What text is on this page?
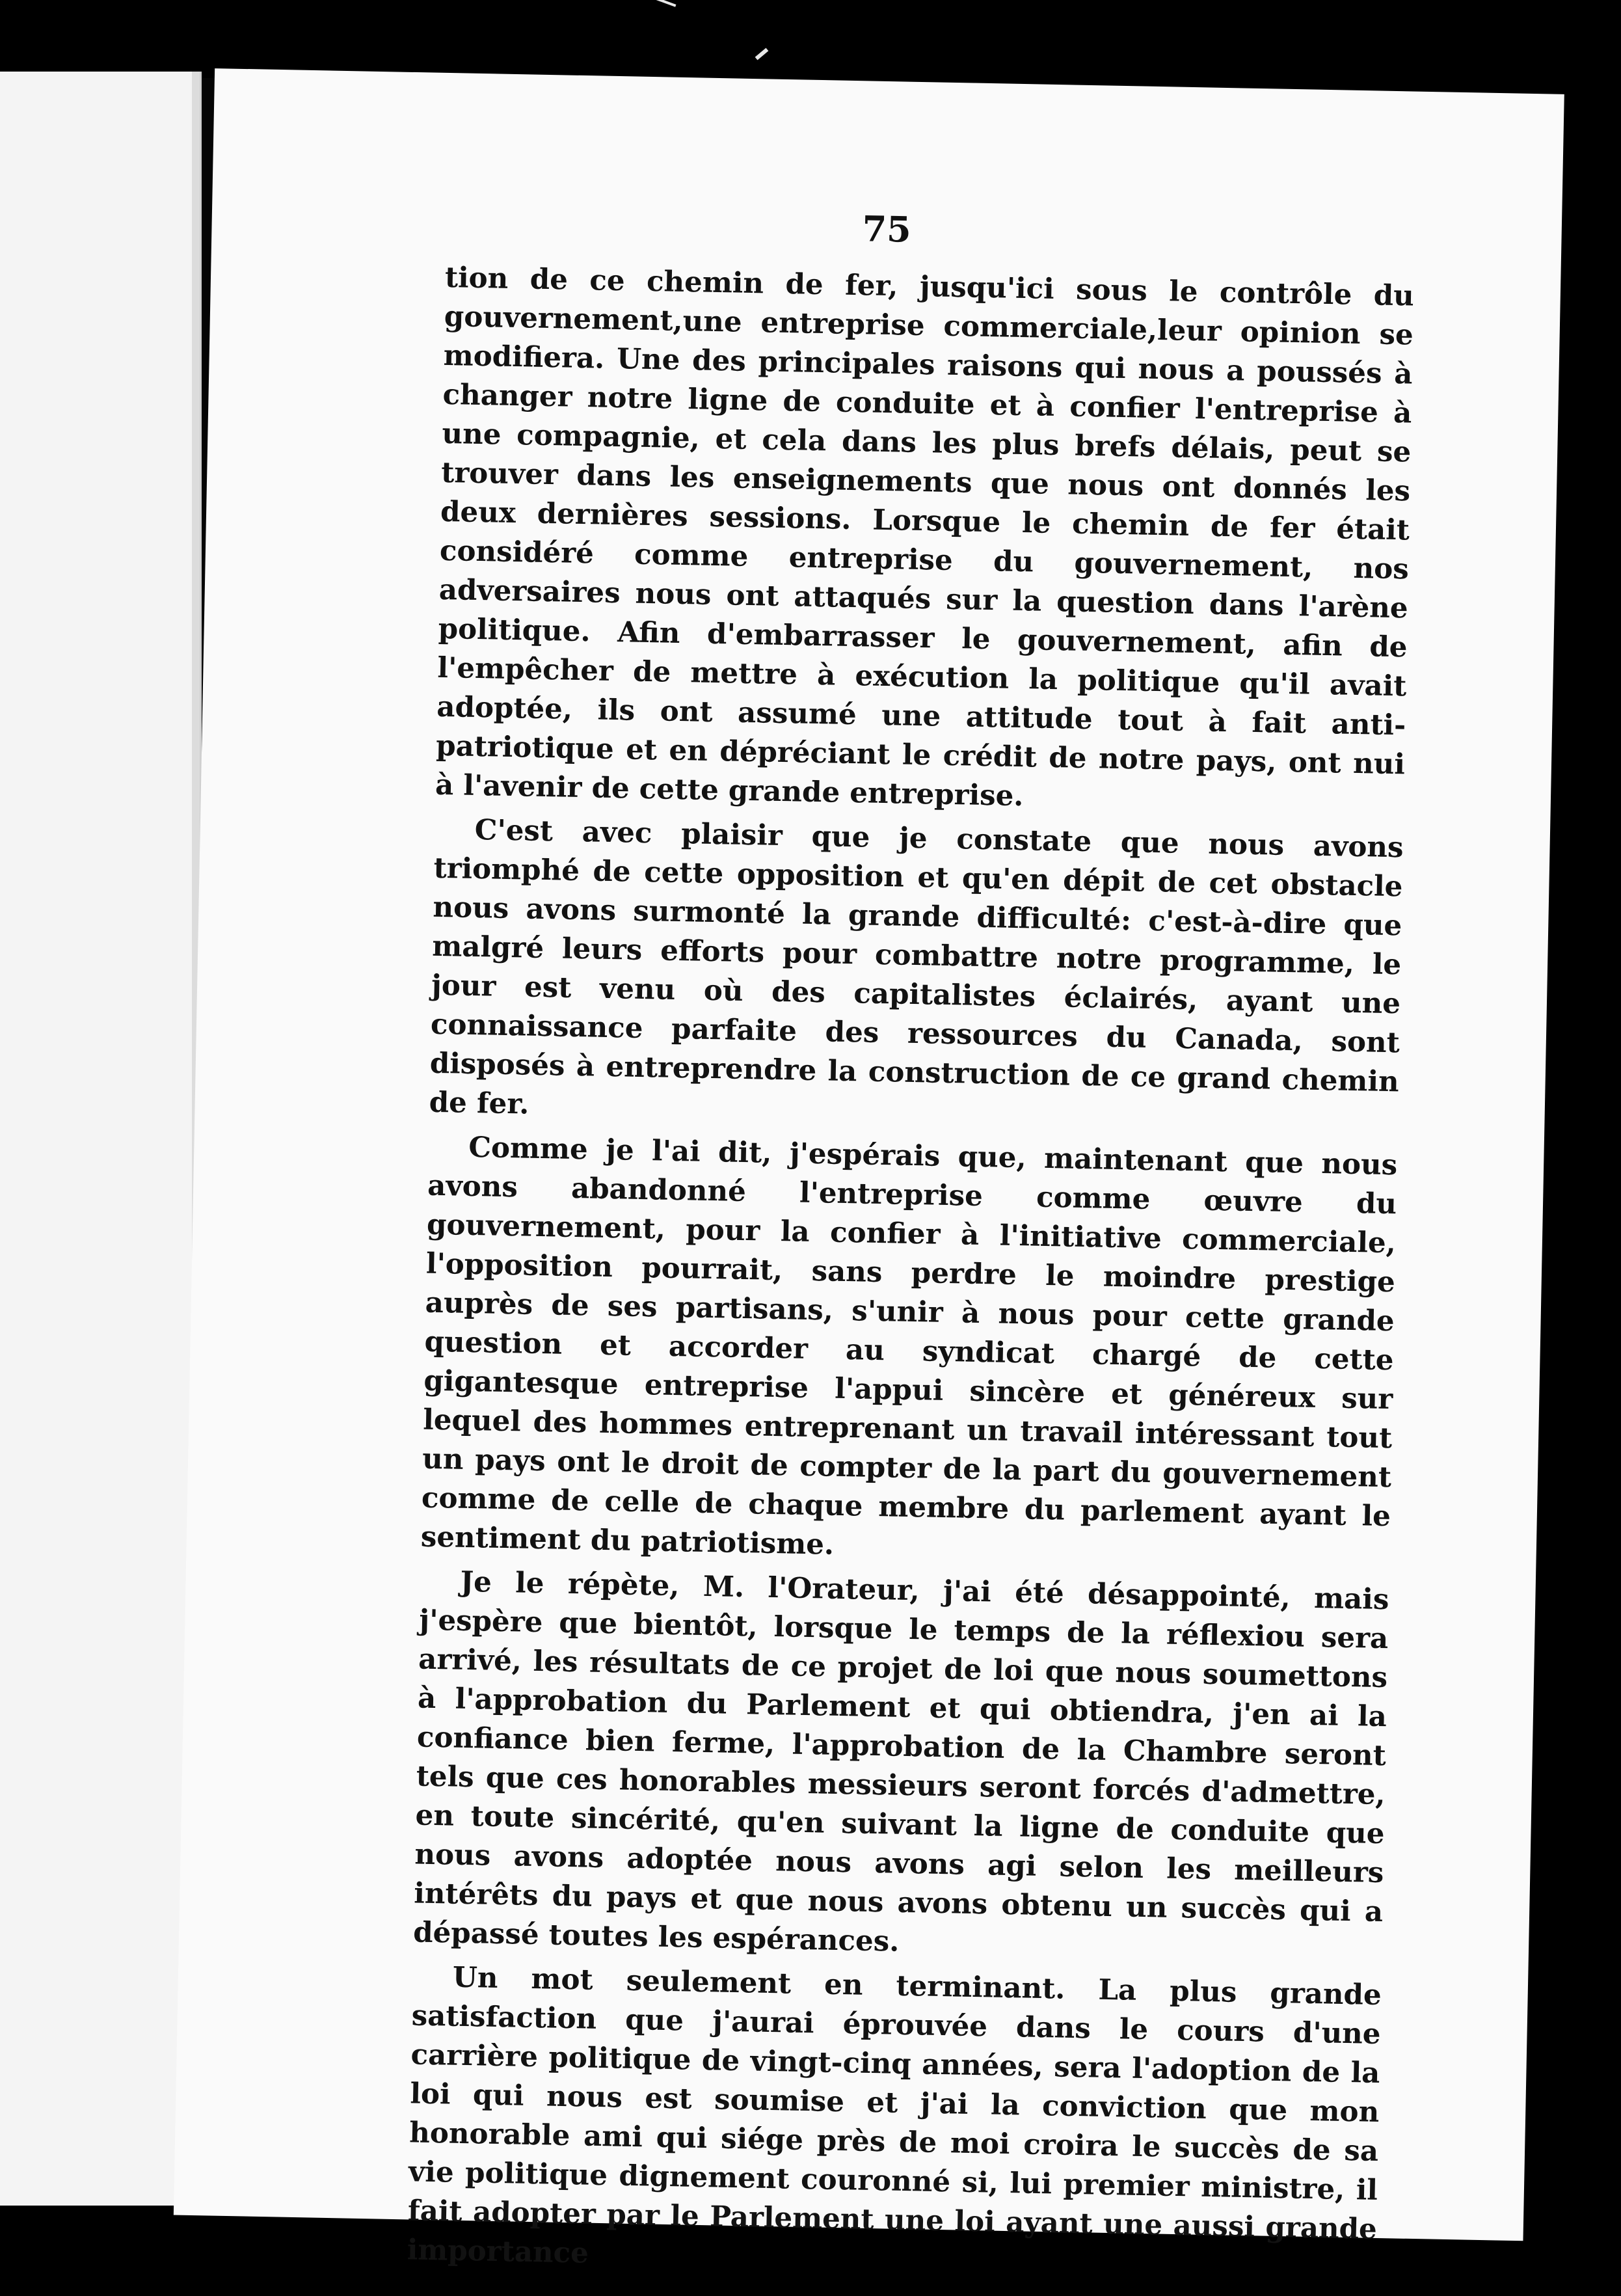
75

tion de ce chemin de fer, jusqu'ici sous le contrôle du gouvernement,une entreprise commerciale,leur opinion se modifiera. Une des principales raisons qui nous a poussés à changer notre ligne de conduite et à confier l'entreprise à une compagnie, et cela dans les plus brefs délais, peut se trouver dans les enseignements que nous ont donnés les deux dernières sessions. Lorsque le chemin de fer était considéré comme entreprise du gouvernement, nos adversaires nous ont attaqués sur la question dans l'arène politique. Afin d'embarrasser le gouvernement, afin de l'empêcher de mettre à exécution la politique qu'il avait adoptée, ils ont assumé une attitude tout à fait anti-patriotique et en dépréciant le crédit de notre pays, ont nui à l'avenir de cette grande entreprise.

C'est avec plaisir que je constate que nous avons triomphé de cette opposition et qu'en dépit de cet obstacle nous avons surmonté la grande difficulté: c'est-à-dire que malgré leurs efforts pour combattre notre programme, le jour est venu où des capitalistes éclairés, ayant une connaissance parfaite des ressources du Canada, sont disposés à entreprendre la construction de ce grand chemin de fer.

Comme je l'ai dit, j'espérais que, maintenant que nous avons abandonné l'entreprise comme œuvre du gouvernement, pour la confier à l'initiative commerciale, l'opposition pourrait, sans perdre le moindre prestige auprès de ses partisans, s'unir à nous pour cette grande question et accorder au syndicat chargé de cette gigantesque entreprise l'appui sincère et généreux sur lequel des hommes entreprenant un travail intéressant tout un pays ont le droit de compter de la part du gouvernement comme de celle de chaque membre du parlement ayant le sentiment du patriotisme.

Je le répète, M. l'Orateur, j'ai été désappointé, mais j'espère que bientôt, lorsque le temps de la réflexiou sera arrivé, les résultats de ce projet de loi que nous soumettons à l'approbation du Parlement et qui obtiendra, j'en ai la confiance bien ferme, l'approbation de la Chambre seront tels que ces honorables messieurs seront forcés d'admettre, en toute sincérité, qu'en suivant la ligne de conduite que nous avons adoptée nous avons agi selon les meilleurs intérêts du pays et que nous avons obtenu un succès qui a dépassé toutes les espérances.

Un mot seulement en terminant. La plus grande satisfaction que j'aurai éprouvée dans le cours d'une carrière politique de vingt-cinq années, sera l'adoption de la loi qui nous est soumise et j'ai la conviction que mon honorable ami qui siége près de moi croira le succès de sa vie politique dignement couronné si, lui premier ministre, il fait adopter par le Parlement une loi ayant une aussi grande importance
